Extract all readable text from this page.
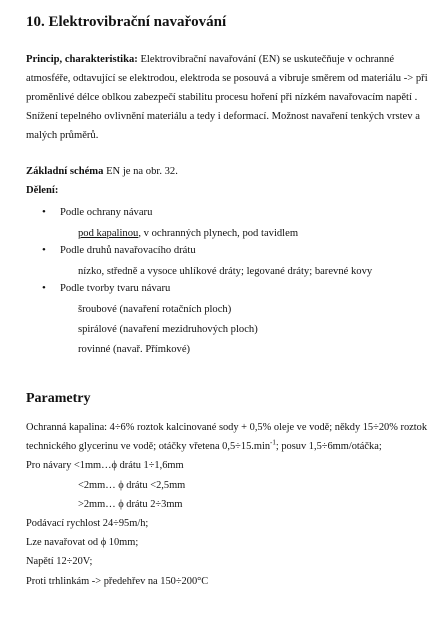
10. Elektrovibrační navařování

Princip, charakteristika: Elektrovibrační navařování (EN) se uskutečňuje v ochranné atmosféře, odtavující se elektrodou, elektroda se posouvá a vibruje směrem od materiálu -> při proměnlivé délce oblkou zabezpečí stabilitu procesu hoření při nízkém navařovacím napětí . Snížení tepelného ovlivnění materiálu a tedy i deformací. Možnost navaření tenkých vrstev a malých průměrů.

Základní schéma EN je na obr. 32.

Dělení:

•	Podle ochrany návaru
pod kapalinou, v ochranných plynech, pod tavidlem
•	Podle druhů navařovacího drátu
nízko, středně a vysoce uhlíkové dráty; legované dráty; barevné kovy
•	Podle tvorby tvaru návaru
šroubové (navaření rotačních ploch)
spirálové (navaření mezidruhových ploch)
rovinné (navař. Přímkové)
Parametry

Ochranná kapalina: 4÷6% roztok kalcinované sody + 0,5% oleje ve vodě; někdy 15÷20% roztok technického glycerinu ve vodě; otáčky vřetena $0,5\div 15.\min^{-1}$; posuv 1,5÷6mm/otáčka;

Pro návary <1mm…ϕ drátu 1÷1,6mm
<2mm… ϕ drátu <2,5mm
>2mm… ϕ drátu 2÷3mm
Podávací rychlost 24÷95m/h;
Lze navařovat od ϕ 10mm;
Napětí 12÷20V;
Proti trhlinkám -> předehřev na 150÷200°C
